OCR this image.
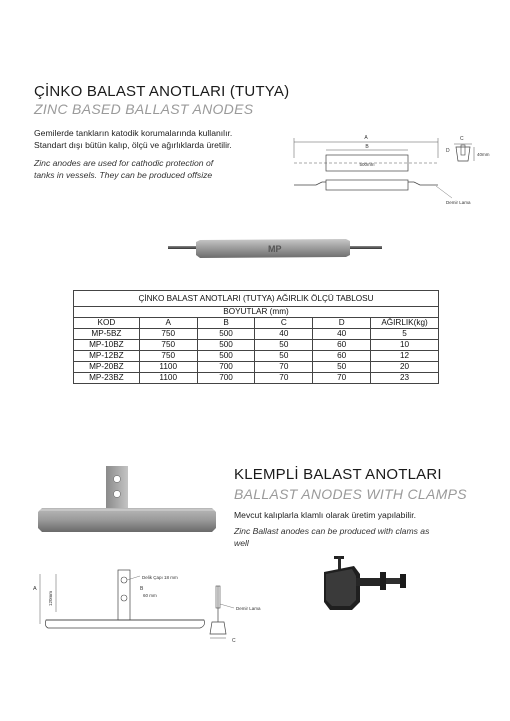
ÇİNKO BALAST ANOTLARI (TUTYA)
ZINC BASED BALLAST ANODES
Gemilerde tankların katodik korumalarında kullanılır.
Standart dışı bütün kalıp, ölçü ve ağırlıklarda üretilir.
Zinc anodes are used for cathodic protection of
tanks in vessels. They can be produced offsize
A
B
500mm
Demir Lama
C
40mm
D
MP
ÇİNKO BALAST ANOTLARI (TUTYA) AĞIRLIK ÖLÇÜ TABLOSU					
BOYUTLAR (mm)					
KOD	A	B	C	D	AĞIRLIK(kg)
MP-5BZ	750	500	40	40	5
MP-10BZ	750	500	50	60	10
MP-12BZ	750	500	50	60	12
MP-20BZ	1100	700	70	50	20
MP-23BZ	1100	700	70	70	23
KLEMPLİ BALAST ANOTLARI
BALLAST ANODES WITH CLAMPS
Mevcut kalıplarla klamlı olarak üretim yapılabilir.
Zinc Ballast anodes can be produced with clams as
well
A
120mm
Delik Çapı 18 mm
B
60 mm
Demir Lama
C
